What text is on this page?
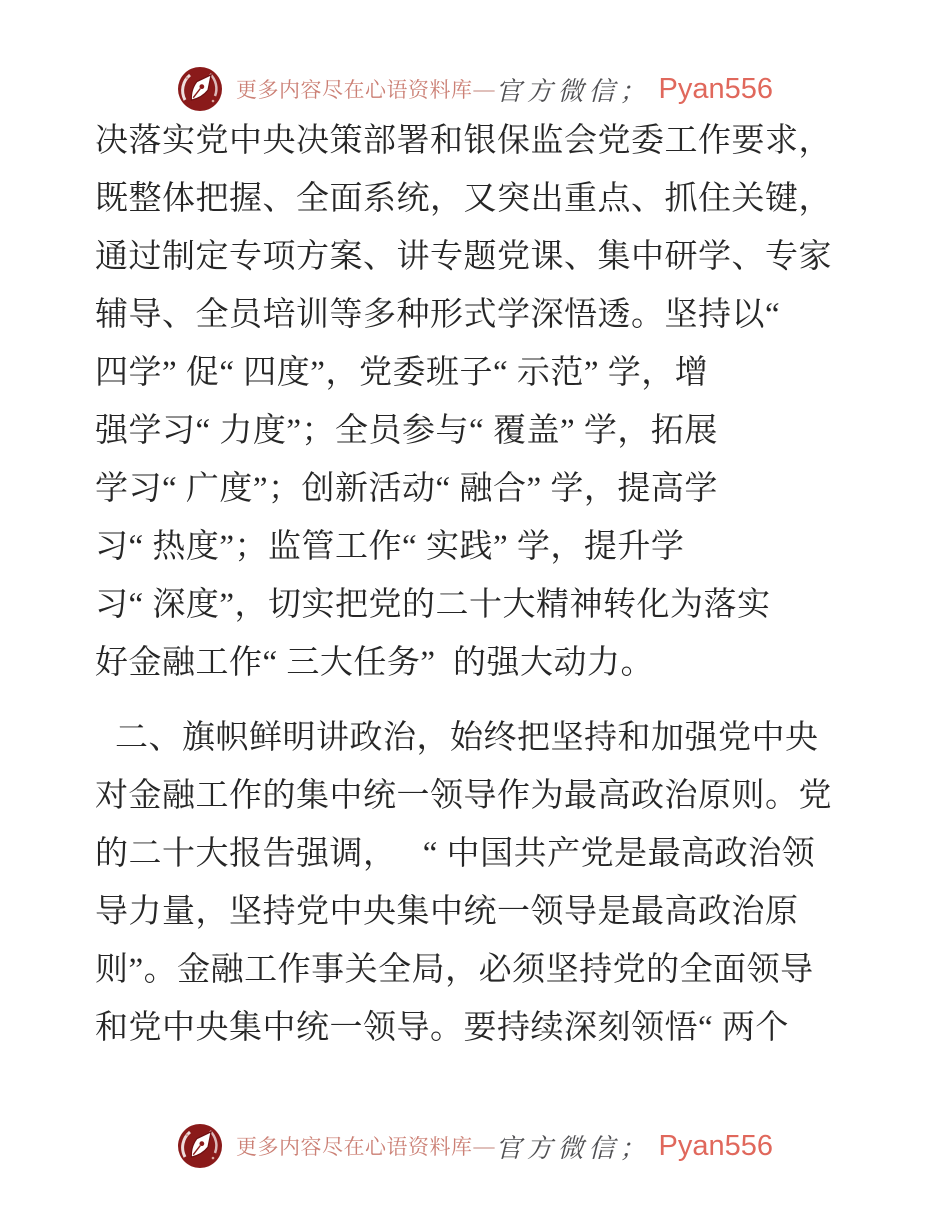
更多内容尽在心语资料库 — 官方微信； Pyan556
决落实党中央决策部署和银保监会党委工作要求，
既整体把握、全面系统，又突出重点、抓住关键，
通过制定专项方案、讲专题党课、集中研学、专家
辅导、全员培训等多种形式学深悟透。坚持以“
四学” 促“ 四度”，党委班子“ 示范” 学，增
强学习“ 力度”；全员参与“ 覆盖” 学，拓展
学习“ 广度”；创新活动“ 融合” 学，提高学
习“ 热度”；监管工作“ 实践” 学，提升学
习“ 深度”，切实把党的二十大精神转化为落实
好金融工作“ 三大任务”  的强大动力。
二、旗帜鲜明讲政治，始终把坚持和加强党中央
对金融工作的集中统一领导作为最高政治原则。党
的二十大报告强调，   “ 中国共产党是最高政治领
导力量，坚持党中央集中统一领导是最高政治原
则”。金融工作事关全局，必须坚持党的全面领导
和党中央集中统一领导。要持续深刻领悟“ 两个
更多内容尽在心语资料库 — 官方微信； Pyan556
